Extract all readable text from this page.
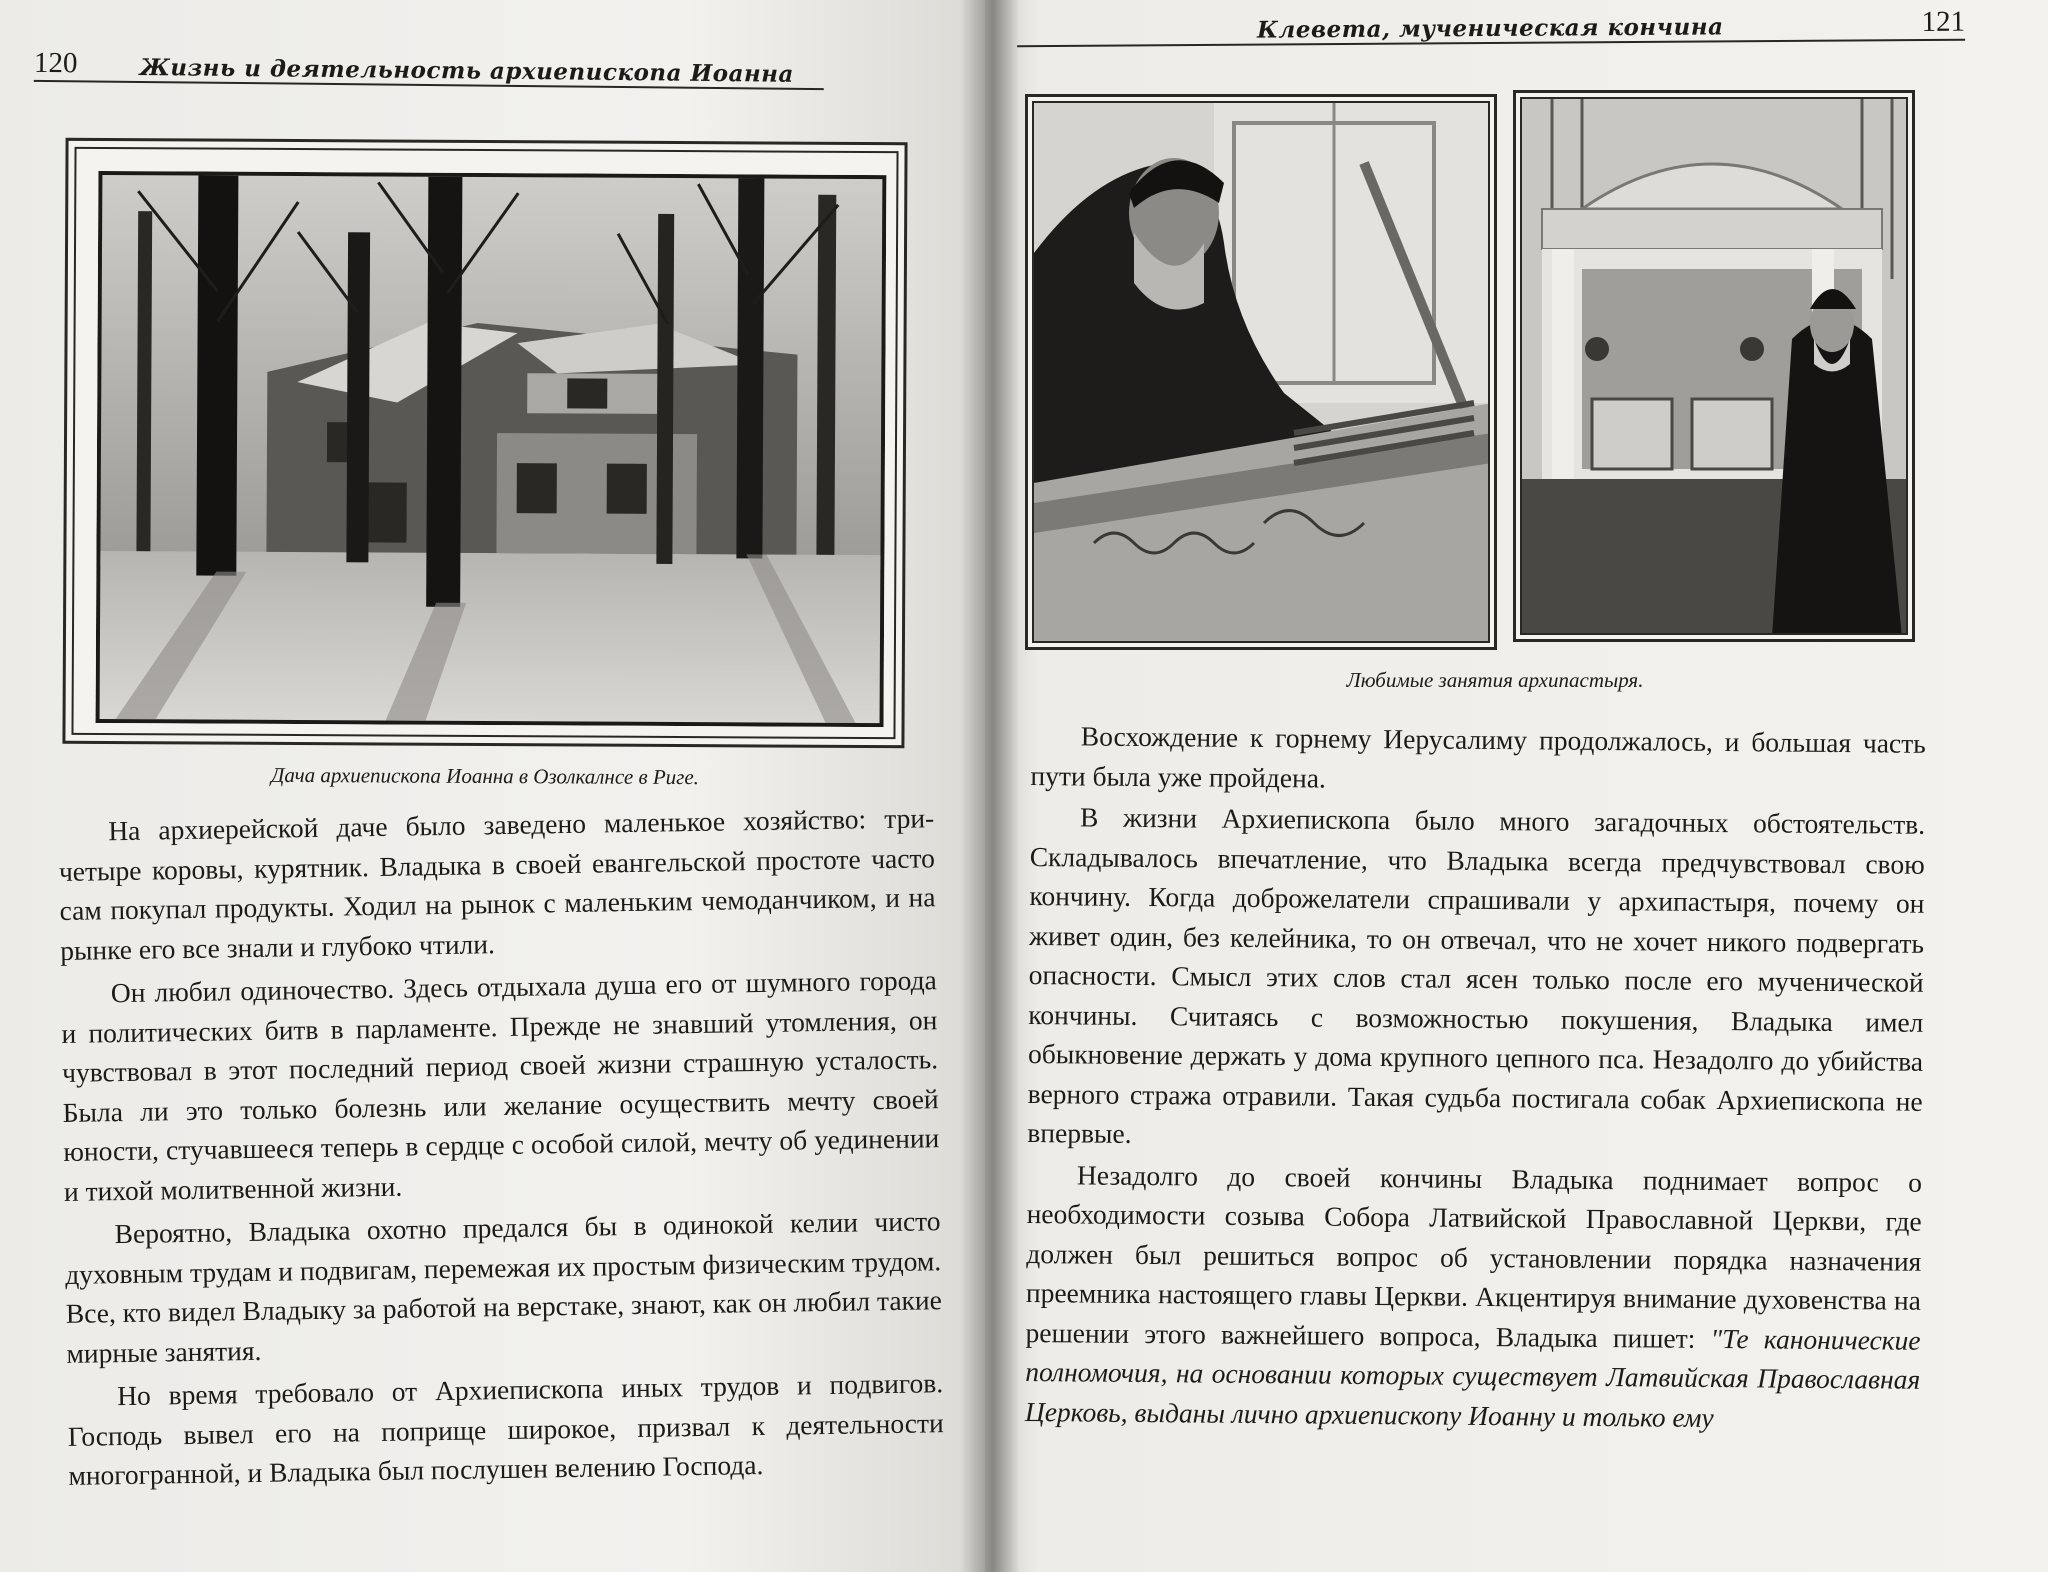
120	Жизнь и деятельность архиепископа Иоанна
Дача архиепископа Иоанна в Озолкалнсе в Риге.

На архиерейской даче было заведено маленькое хозяйство: три-четыре коровы, курятник. Владыка в своей евангельской простоте часто сам покупал продукты. Ходил на рынок с маленьким чемоданчиком, и на рынке его все знали и глубоко чтили.

Он любил одиночество. Здесь отдыхала душа его от шумного города и политических битв в парламенте. Прежде не знавший утомления, он чувствовал в этот последний период своей жизни страшную усталость. Была ли это только болезнь или желание осуществить мечту своей юности, стучавшееся теперь в сердце с особой силой, мечту об уединении и тихой молитвенной жизни.

Вероятно, Владыка охотно предался бы в одинокой келии чисто духовным трудам и подвигам, перемежая их простым физическим трудом. Все, кто видел Владыку за работой на верстаке, знают, как он любил такие мирные занятия.

Но время требовало от Архиепископа иных трудов и подвигов. Господь вывел его на поприще широкое, призвал к деятельности многогранной, и Владыка был послушен велению Господа.

Клевета, мученическая кончина	121
Любимые занятия архипастыря.

Восхождение к горнему Иерусалиму продолжалось, и большая часть пути была уже пройдена.

В жизни Архиепископа было много загадочных обстоятельств. Складывалось впечатление, что Владыка всегда предчувствовал свою кончину. Когда доброжелатели спрашивали у архипастыря, почему он живет один, без келейника, то он отвечал, что не хочет никого подвергать опасности. Смысл этих слов стал ясен только после его мученической кончины. Считаясь с возможностью покушения, Владыка имел обыкновение держать у дома крупного цепного пса. Незадолго до убийства верного стража отравили. Такая судьба постигала собак Архиепископа не впервые.

Незадолго до своей кончины Владыка поднимает вопрос о необходимости созыва Собора Латвийской Православной Церкви, где должен был решиться вопрос об установлении порядка назначения преемника настоящего главы Церкви. Акцентируя внимание духовенства на решении этого важнейшего вопроса, Владыка пишет: "Те канонические полномочия, на основании которых существует Латвийская Православная Церковь, выданы лично архиепископу Иоанну и только ему
